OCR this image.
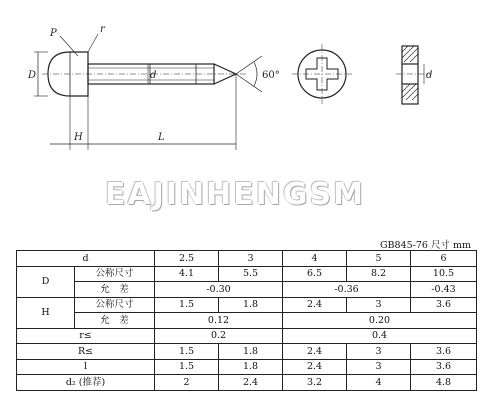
P	r
D	d	60°
H	L
d
EAJINHENGSM
GB845-76 尺寸 mm
d		2.5	3	4	5	6
D	公称尺寸	4.1	5.5	6.5	8.2	10.5
	允　差	-0.30		-0.36		-0.43
H	公称尺寸	1.5	1.8	2.4	3	3.6
	允　差	0.12		0.20		
r≤		0.2		0.4		
R≤		1.5	1.8	2.4	3	3.6
l		1.5	1.8	2.4	3	3.6
d₂ (推荐)		2	2.4	3.2	4	4.8
